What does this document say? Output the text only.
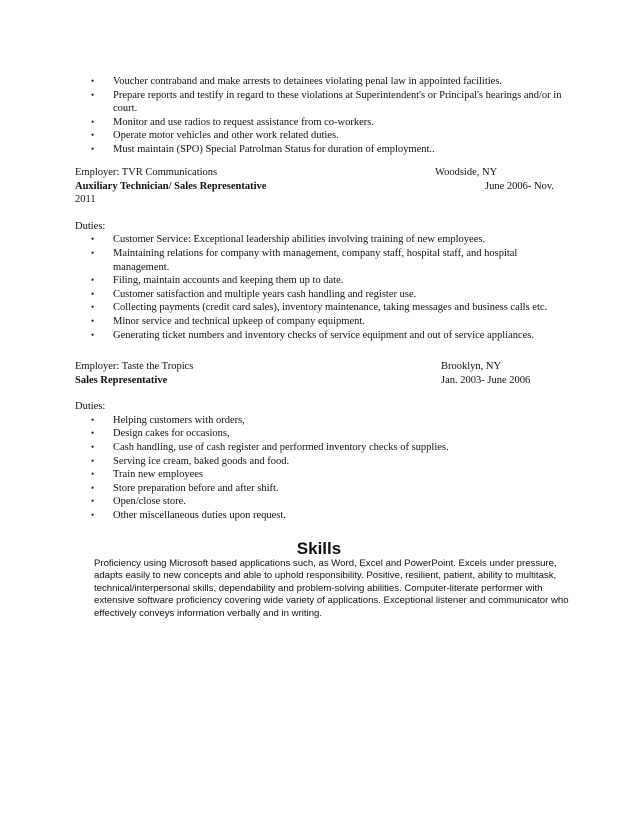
• Voucher contraband and make arrests to detainees violating penal law in appointed facilities.
• Prepare reports and testify in regard to these violations at Superintendent's or Principal's hearings and/or in court.
• Monitor and use radios to request assistance from co-workers.
• Operate motor vehicles and other work related duties.
• Must maintain (SPO) Special Patrolman Status for duration of employment..
Employer: TVR Communications	Woodside, NY
Auxiliary Technician/ Sales Representative	June 2006- Nov.
2011
Duties:
• Customer Service: Exceptional leadership abilities involving training of new employees.
• Maintaining relations for company with management, company staff, hospital staff, and hospital management.
• Filing, maintain accounts and keeping them up to date.
• Customer satisfaction and multiple years cash handling and register use.
• Collecting payments (credit card sales), inventory maintenance, taking messages and business calls etc.
• Minor service and technical upkeep of company equipment.
• Generating ticket numbers and inventory checks of service equipment and out of service appliances.
Employer: Taste the Tropics	Brooklyn, NY
Sales Representative	Jan. 2003- June 2006
Duties:
• Helping customers with orders,
• Design cakes for occasions,
• Cash handling, use of cash register and performed inventory checks of supplies.
• Serving ice cream, baked goods and food.
• Train new employees
• Store preparation before and after shift.
• Open/close store.
• Other miscellaneous duties upon request.
Skills
Proficiency using Microsoft based applications such, as Word, Excel and PowerPoint. Excels under pressure, adapts easily to new concepts and able to uphold responsibility. Positive, resilient, patient, ability to multitask, technical/interpersonal skills, dependability and problem-solving abilities. Computer-literate performer with extensive software proficiency covering wide variety of applications. Exceptional listener and communicator who effectively conveys information verbally and in writing.
